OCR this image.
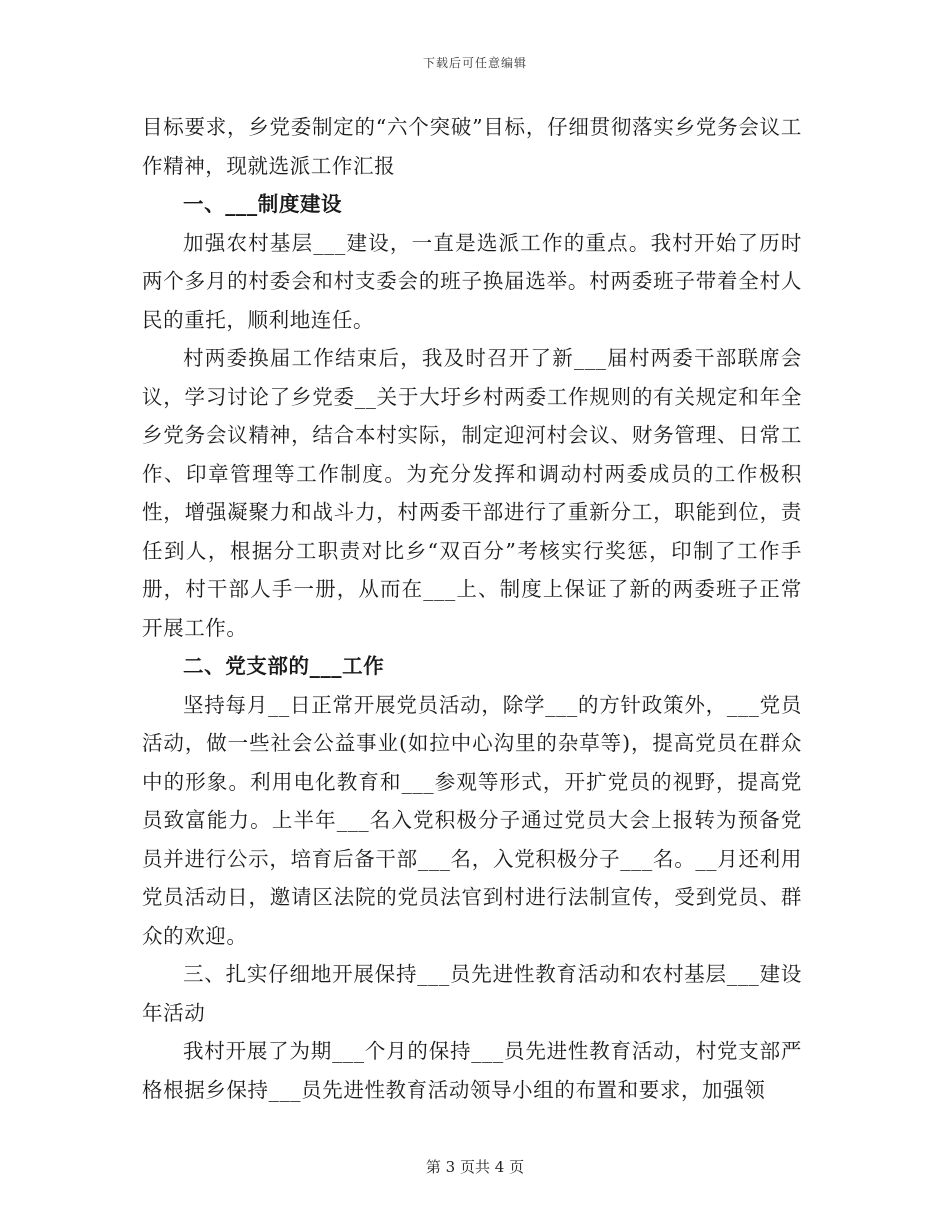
下载后可任意编辑

目标要求，乡党委制定的“六个突破”目标，仔细贯彻落实乡党务会议工作精神，现就选派工作汇报

一、___制度建设

加强农村基层___建设，一直是选派工作的重点。我村开始了历时两个多月的村委会和村支委会的班子换届选举。村两委班子带着全村人民的重托，顺利地连任。

村两委换届工作结束后，我及时召开了新___届村两委干部联席会议，学习讨论了乡党委__关于大圩乡村两委工作规则的有关规定和年全乡党务会议精神，结合本村实际，制定迎河村会议、财务管理、日常工作、印章管理等工作制度。为充分发挥和调动村两委成员的工作极积性，增强凝聚力和战斗力，村两委干部进行了重新分工，职能到位，责任到人，根据分工职责对比乡“双百分”考核实行奖惩，印制了工作手册，村干部人手一册，从而在___上、制度上保证了新的两委班子正常开展工作。

二、党支部的___工作

坚持每月__日正常开展党员活动，除学___的方针政策外，___党员活动，做一些社会公益事业(如拉中心沟里的杂草等)，提高党员在群众中的形象。利用电化教育和___参观等形式，开扩党员的视野，提高党员致富能力。上半年___名入党积极分子通过党员大会上报转为预备党员并进行公示，培育后备干部___名，入党积极分子___名。__月还利用党员活动日，邀请区法院的党员法官到村进行法制宣传，受到党员、群众的欢迎。

三、扎实仔细地开展保持___员先进性教育活动和农村基层___建设年活动

我村开展了为期___个月的保持___员先进性教育活动，村党支部严格根据乡保持___员先进性教育活动领导小组的布置和要求，加强领

第 3 页共 4 页
